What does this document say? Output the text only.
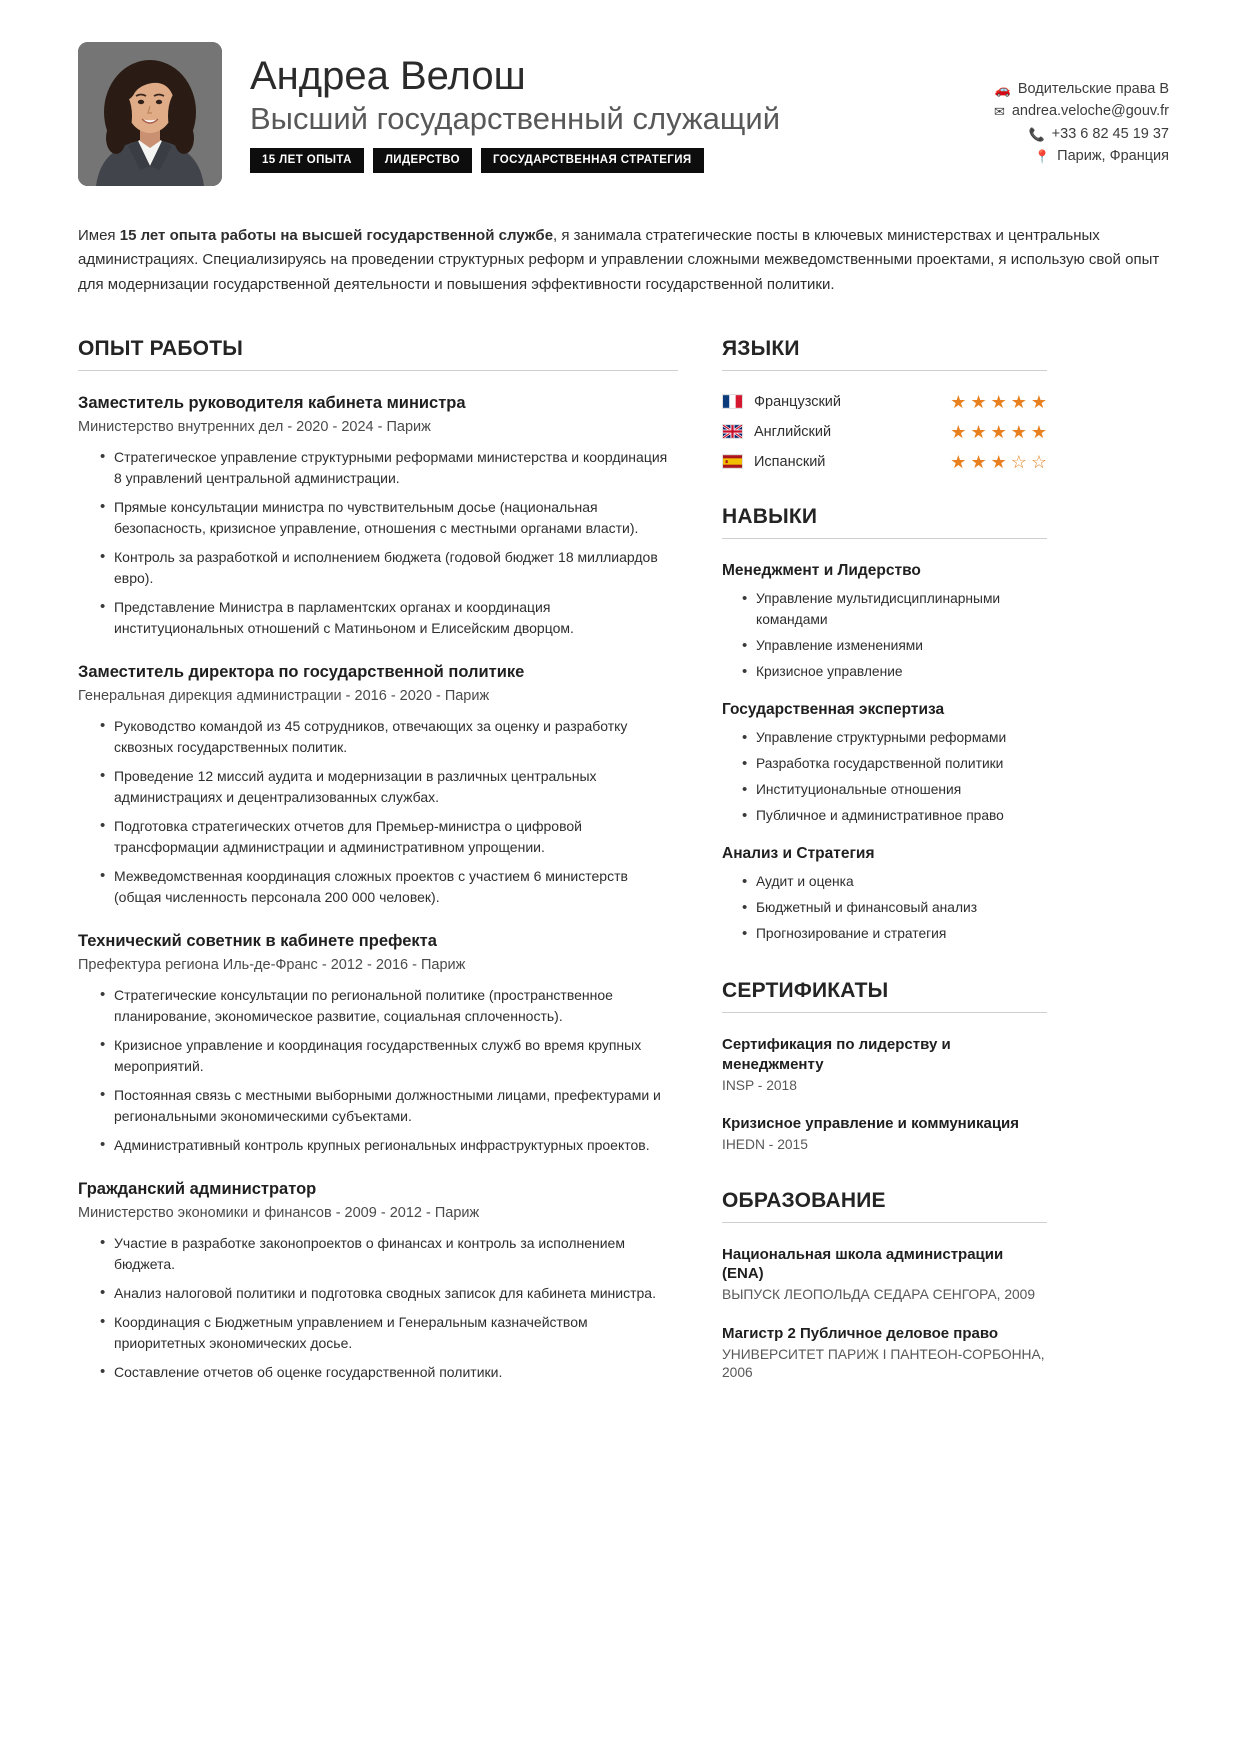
Андреа Велош
Высший государственный служащий
15 ЛЕТ ОПЫТА	ЛИДЕРСТВО	ГОСУДАРСТВЕННАЯ СТРАТЕГИЯ
🚗 Водительские права B
✉ andrea.veloche@gouv.fr
📞 +33 6 82 45 19 37
📍 Париж, Франция

Имея 15 лет опыта работы на высшей государственной службе, я занимала стратегические посты в ключевых министерствах и центральных администрациях. Специализируясь на проведении структурных реформ и управлении сложными межведомственными проектами, я использую свой опыт для модернизации государственной деятельности и повышения эффективности государственной политики.

ОПЫТ РАБОТЫ
Заместитель руководителя кабинета министра
Министерство внутренних дел - 2020 - 2024 - Париж
• Стратегическое управление структурными реформами министерства и координация 8 управлений центральной администрации.
• Прямые консультации министра по чувствительным досье (национальная безопасность, кризисное управление, отношения с местными органами власти).
• Контроль за разработкой и исполнением бюджета (годовой бюджет 18 миллиардов евро).
• Представление Министра в парламентских органах и координация институциональных отношений с Матиньоном и Елисейским дворцом.
Заместитель директора по государственной политике
Генеральная дирекция администрации - 2016 - 2020 - Париж
• Руководство командой из 45 сотрудников, отвечающих за оценку и разработку сквозных государственных политик.
• Проведение 12 миссий аудита и модернизации в различных центральных администрациях и децентрализованных службах.
• Подготовка стратегических отчетов для Премьер-министра о цифровой трансформации администрации и административном упрощении.
• Межведомственная координация сложных проектов с участием 6 министерств (общая численность персонала 200 000 человек).
Технический советник в кабинете префекта
Префектура региона Иль-де-Франс - 2012 - 2016 - Париж
• Стратегические консультации по региональной политике (пространственное планирование, экономическое развитие, социальная сплоченность).
• Кризисное управление и координация государственных служб во время крупных мероприятий.
• Постоянная связь с местными выборными должностными лицами, префектурами и региональными экономическими субъектами.
• Административный контроль крупных региональных инфраструктурных проектов.
Гражданский администратор
Министерство экономики и финансов - 2009 - 2012 - Париж
• Участие в разработке законопроектов о финансах и контроль за исполнением бюджета.
• Анализ налоговой политики и подготовка сводных записок для кабинета министра.
• Координация с Бюджетным управлением и Генеральным казначейством приоритетных экономических досье.
• Составление отчетов об оценке государственной политики.
ЯЗЫКИ
Французский	★ ★ ★ ★ ★
Английский	★ ★ ★ ★ ★
Испанский	★ ★ ★ ☆ ☆
НАВЫКИ
Менеджмент и Лидерство
• Управление мультидисциплинарными командами
• Управление изменениями
• Кризисное управление
Государственная экспертиза
• Управление структурными реформами
• Разработка государственной политики
• Институциональные отношения
• Публичное и административное право
Анализ и Стратегия
• Аудит и оценка
• Бюджетный и финансовый анализ
• Прогнозирование и стратегия
СЕРТИФИКАТЫ
Сертификация по лидерству и менеджменту
INSP - 2018
Кризисное управление и коммуникация
IHEDN - 2015
ОБРАЗОВАНИЕ
Национальная школа администрации (ENA)
ВЫПУСК ЛЕОПОЛЬДА СЕДАРА СЕНГОРА, 2009
Магистр 2 Публичное деловое право
УНИВЕРСИТЕТ ПАРИЖ I ПАНТЕОН-СОРБОННА, 2006
